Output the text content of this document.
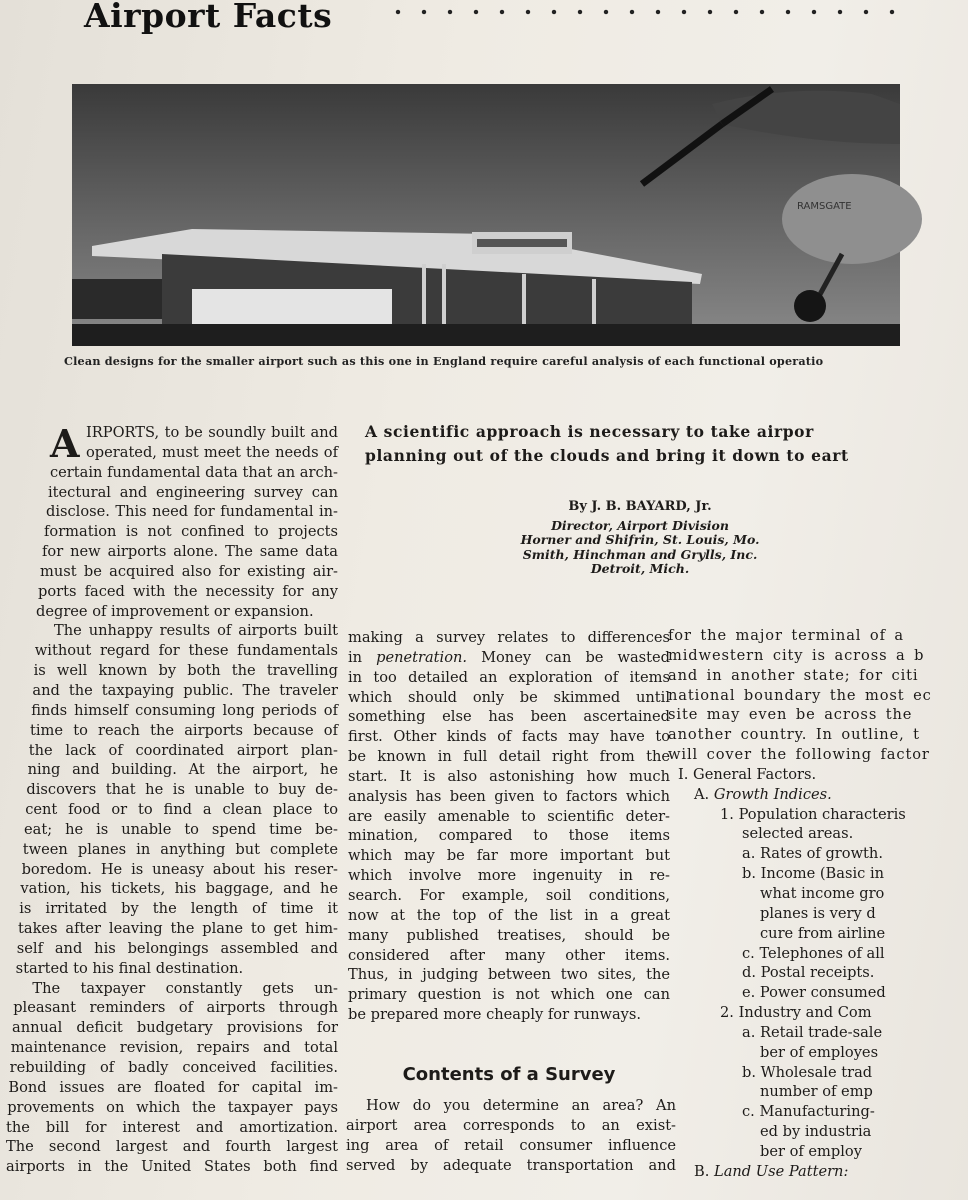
Airport Facts
RAMSGATE
Clean designs for the smaller airport such as this one in England require careful analysis of each functional operatio
A scientific approach is necessary to take airpor
planning out of the clouds and bring it down to eart
By J. B. BAYARD, Jr.
Director, Airport Division
Horner and Shifrin, St. Louis, Mo.
Smith, Hinchman and Grylls, Inc.
Detroit, Mich.
A IRPORTS, to be soundly built and
operated, must meet the needs of
certain fundamental data that an arch-
itectural and engineering survey can
disclose. This need for fundamental in-
formation is not confined to projects
for new airports alone. The same data
must be acquired also for existing air-
ports faced with the necessity for any
degree of improvement or expansion.
The unhappy results of airports built
without regard for these fundamentals
is well known by both the travelling
and the taxpaying public. The traveler
finds himself consuming long periods of
time to reach the airports because of
the lack of coordinated airport plan-
ning and building. At the airport, he
discovers that he is unable to buy de-
cent food or to find a clean place to
eat; he is unable to spend time be-
tween planes in anything but complete
boredom. He is uneasy about his reser-
vation, his tickets, his baggage, and he
is irritated by the length of time it
takes after leaving the plane to get him-
self and his belongings assembled and
started to his final destination.
The taxpayer constantly gets un-
pleasant reminders of airports through
annual deficit budgetary provisions for
maintenance revision, repairs and total
rebuilding of badly conceived facilities.
Bond issues are floated for capital im-
provements on which the taxpayer pays
the bill for interest and amortization.
The second largest and fourth largest
airports in the United States both find
making a survey relates to differences
in penetration. Money can be wasted
in too detailed an exploration of items
which should only be skimmed until
something else has been ascertained
first. Other kinds of facts may have to
be known in full detail right from the
start. It is also astonishing how much
analysis has been given to factors which
are easily amenable to scientific deter-
mination, compared to those items
which may be far more important but
which involve more ingenuity in re-
search. For example, soil conditions,
now at the top of the list in a great
many published treatises, should be
considered after many other items.
Thus, in judging between two sites, the
primary question is not which one can
be prepared more cheaply for runways.
Contents of a Survey
How do you determine an area? An
airport area corresponds to an exist-
ing area of retail consumer influence
served by adequate transportation and
for the major terminal of a
midwestern city is across a b
and in another state; for citi
national boundary the most ec
site may even be across the
another country. In outline, t
will cover the following factor
I. General Factors.
A. Growth Indices.
1. Population characteris
selected areas.
a. Rates of growth.
b. Income (Basic in
what income gro
planes is very d
cure from airline
c. Telephones of all
d. Postal receipts.
e. Power consumed
2. Industry and Com
a. Retail trade-sale
ber of employes
b. Wholesale trad
number of emp
c. Manufacturing-
ed by industria
ber of employ
B. Land Use Pattern:
